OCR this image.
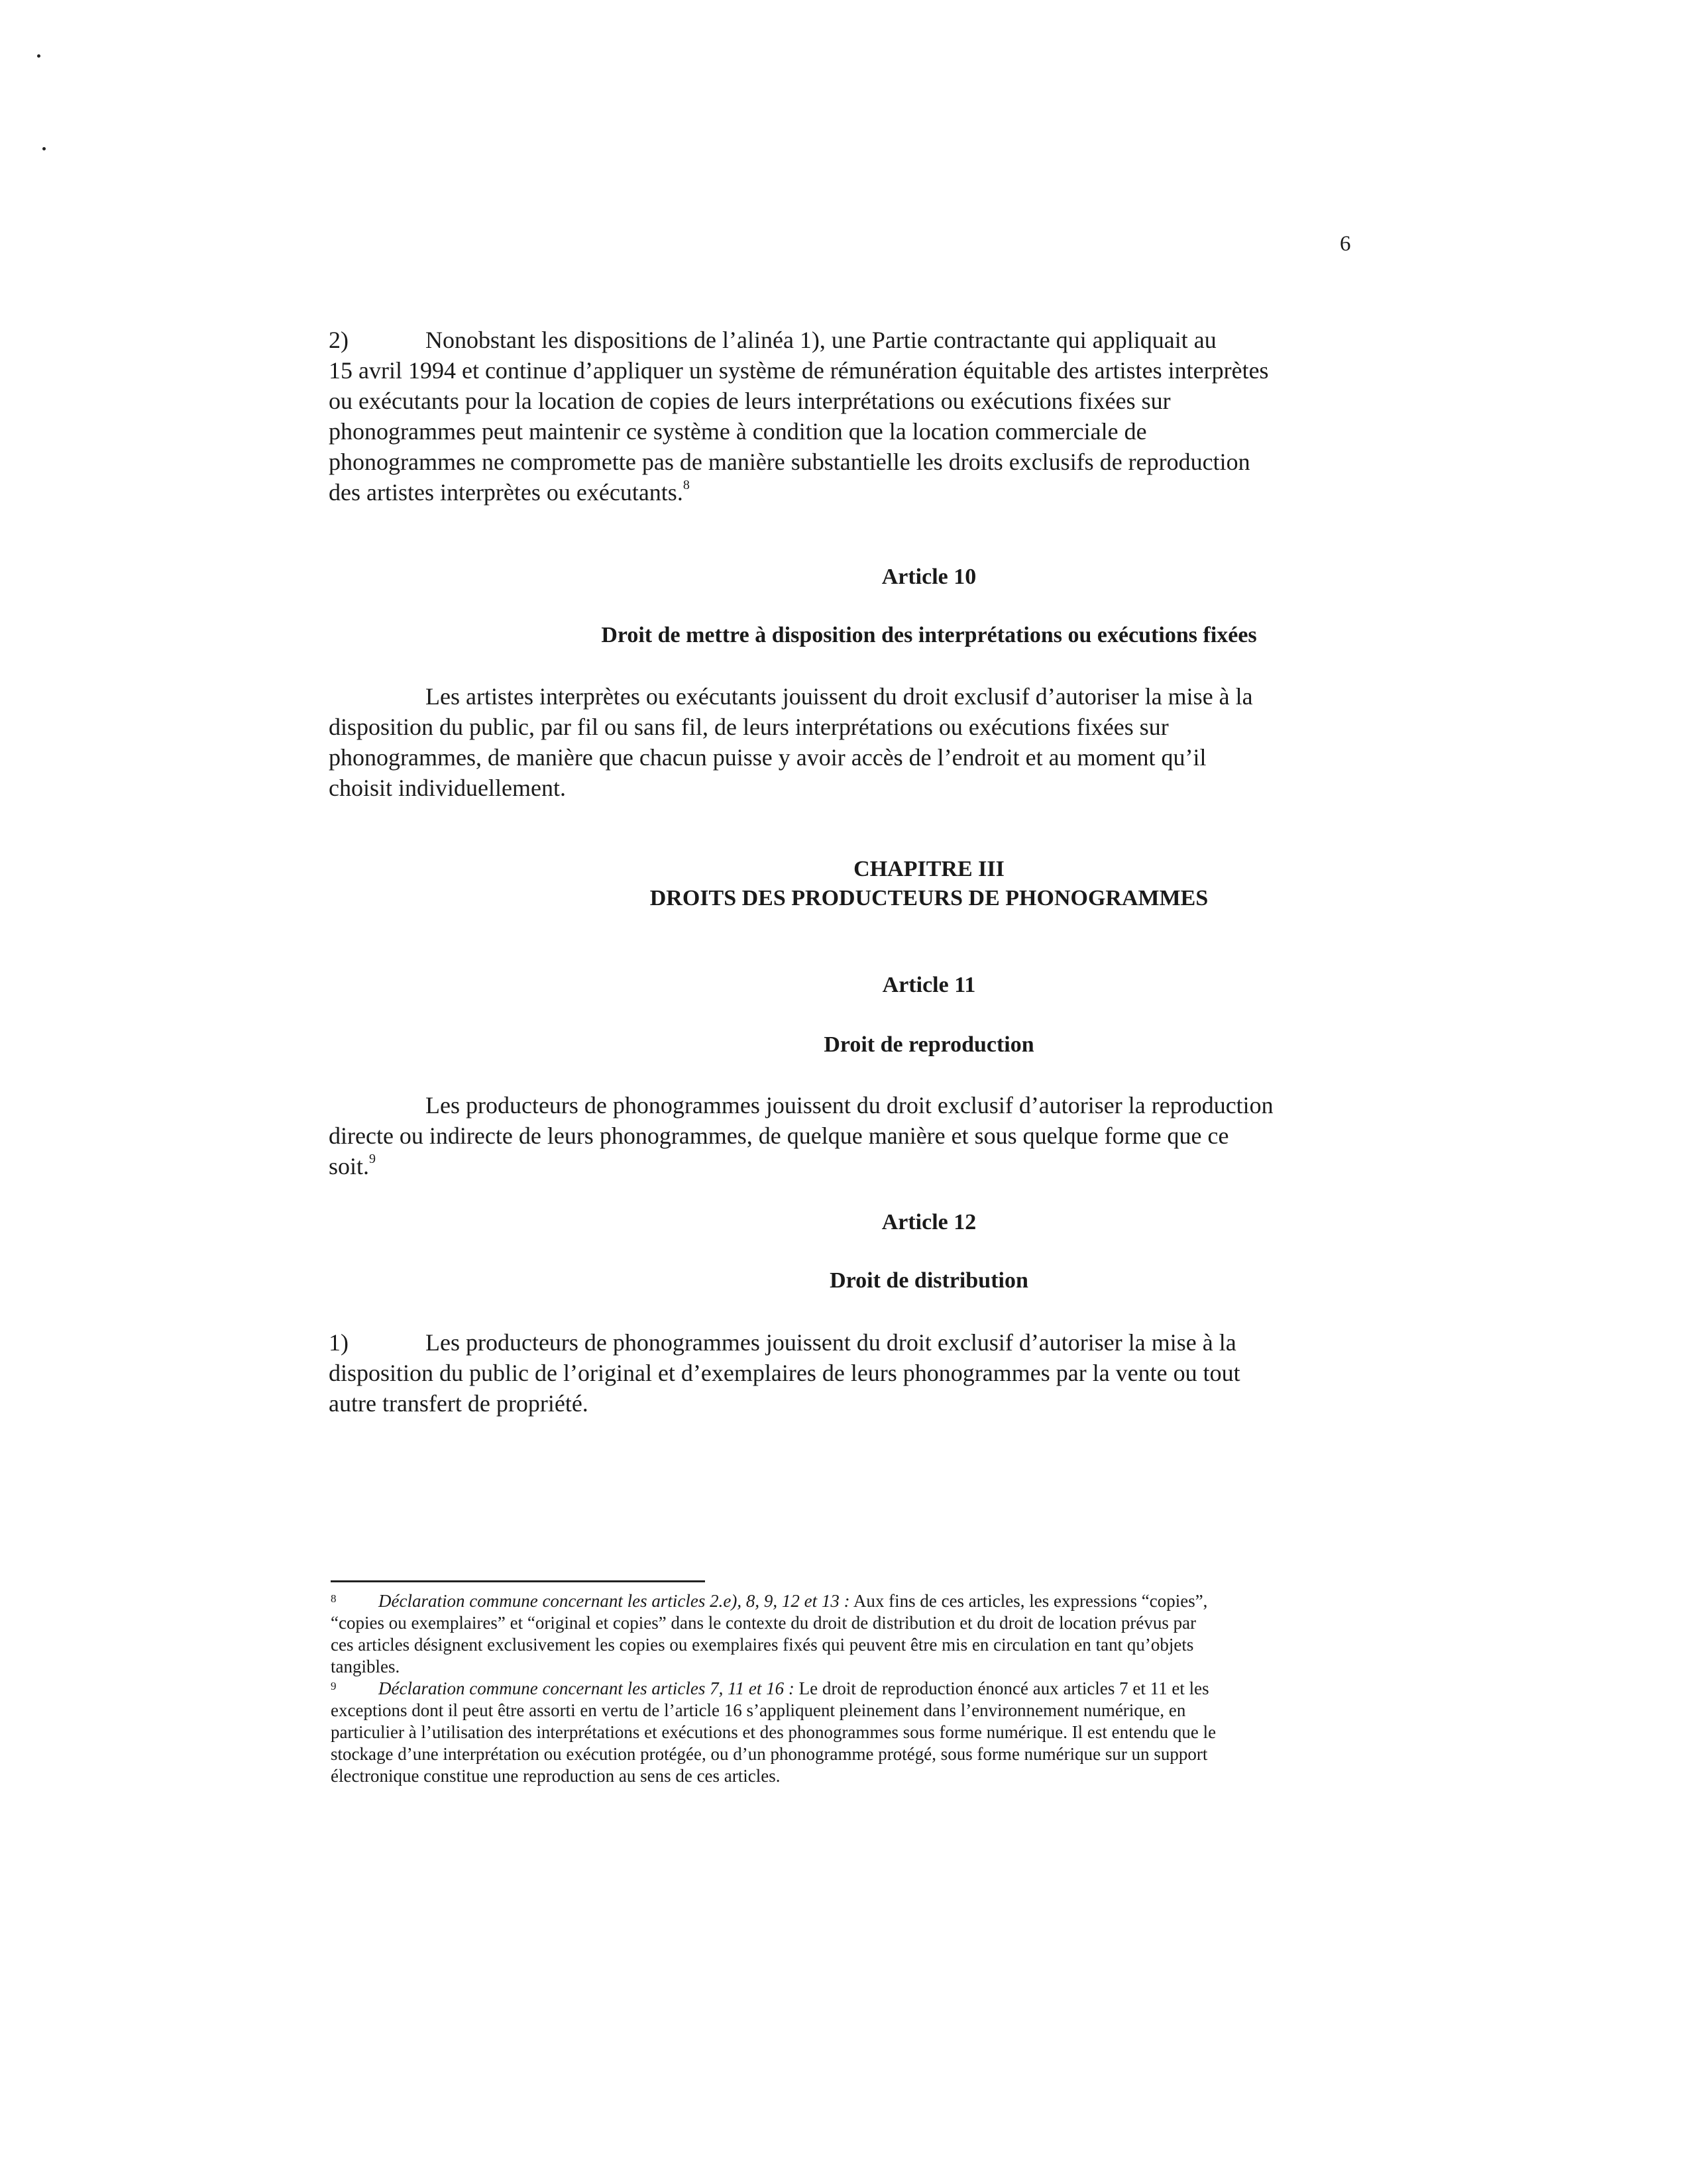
6
2)	Nonobstant les dispositions de l’alinéa 1), une Partie contractante qui appliquait au
15 avril 1994 et continue d’appliquer un système de rémunération équitable des artistes interprètes
ou exécutants pour la location de copies de leurs interprétations ou exécutions fixées sur
phonogrammes peut maintenir ce système à condition que la location commerciale de
phonogrammes ne compromette pas de manière substantielle les droits exclusifs de reproduction
des artistes interprètes ou exécutants.$^8$
Article 10
Droit de mettre à disposition des interprétations ou exécutions fixées
Les artistes interprètes ou exécutants jouissent du droit exclusif d’autoriser la mise à la
disposition du public, par fil ou sans fil, de leurs interprétations ou exécutions fixées sur
phonogrammes, de manière que chacun puisse y avoir accès de l’endroit et au moment qu’il
choisit individuellement.
CHAPITRE III
DROITS DES PRODUCTEURS DE PHONOGRAMMES
Article 11
Droit de reproduction
Les producteurs de phonogrammes jouissent du droit exclusif d’autoriser la reproduction
directe ou indirecte de leurs phonogrammes, de quelque manière et sous quelque forme que ce
soit.$^9$
Article 12
Droit de distribution
1)	Les producteurs de phonogrammes jouissent du droit exclusif d’autoriser la mise à la
disposition du public de l’original et d’exemplaires de leurs phonogrammes par la vente ou tout
autre transfert de propriété.
8 Déclaration commune concernant les articles 2.e), 8, 9, 12 et 13 : Aux fins de ces articles, les expressions “copies”,
“copies ou exemplaires” et “original et copies” dans le contexte du droit de distribution et du droit de location prévus par
ces articles désignent exclusivement les copies ou exemplaires fixés qui peuvent être mis en circulation en tant qu’objets
tangibles.
9 Déclaration commune concernant les articles 7, 11 et 16 : Le droit de reproduction énoncé aux articles 7 et 11 et les
exceptions dont il peut être assorti en vertu de l’article 16 s’appliquent pleinement dans l’environnement numérique, en
particulier à l’utilisation des interprétations et exécutions et des phonogrammes sous forme numérique. Il est entendu que le
stockage d’une interprétation ou exécution protégée, ou d’un phonogramme protégé, sous forme numérique sur un support
électronique constitue une reproduction au sens de ces articles.
